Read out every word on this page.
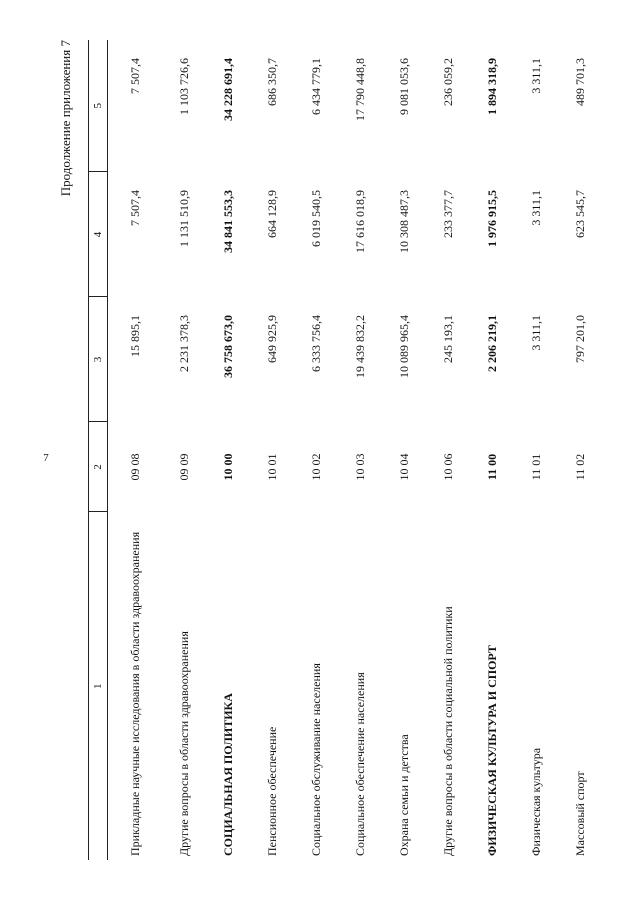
7
Продолжение приложения 7
1	2	3	4	5
Прикладные научные исследования в области здравоохранения	09 08	15 895,1	7 507,4	7 507,4
Другие вопросы в области здравоохранения	09 09	2 231 378,3	1 131 510,9	1 103 726,6
СОЦИАЛЬНАЯ ПОЛИТИКА	10 00	36 758 673,0	34 841 553,3	34 228 691,4
Пенсионное обеспечение	10 01	649 925,9	664 128,9	686 350,7
Социальное обслуживание населения	10 02	6 333 756,4	6 019 540,5	6 434 779,1
Социальное обеспечение населения	10 03	19 439 832,2	17 616 018,9	17 790 448,8
Охрана семьи и детства	10 04	10 089 965,4	10 308 487,3	9 081 053,6
Другие вопросы в области социальной политики	10 06	245 193,1	233 377,7	236 059,2
ФИЗИЧЕСКАЯ КУЛЬТУРА И СПОРТ	11 00	2 206 219,1	1 976 915,5	1 894 318,9
Физическая культура	11 01	3 311,1	3 311,1	3 311,1
Массовый спорт	11 02	797 201,0	623 545,7	489 701,3
